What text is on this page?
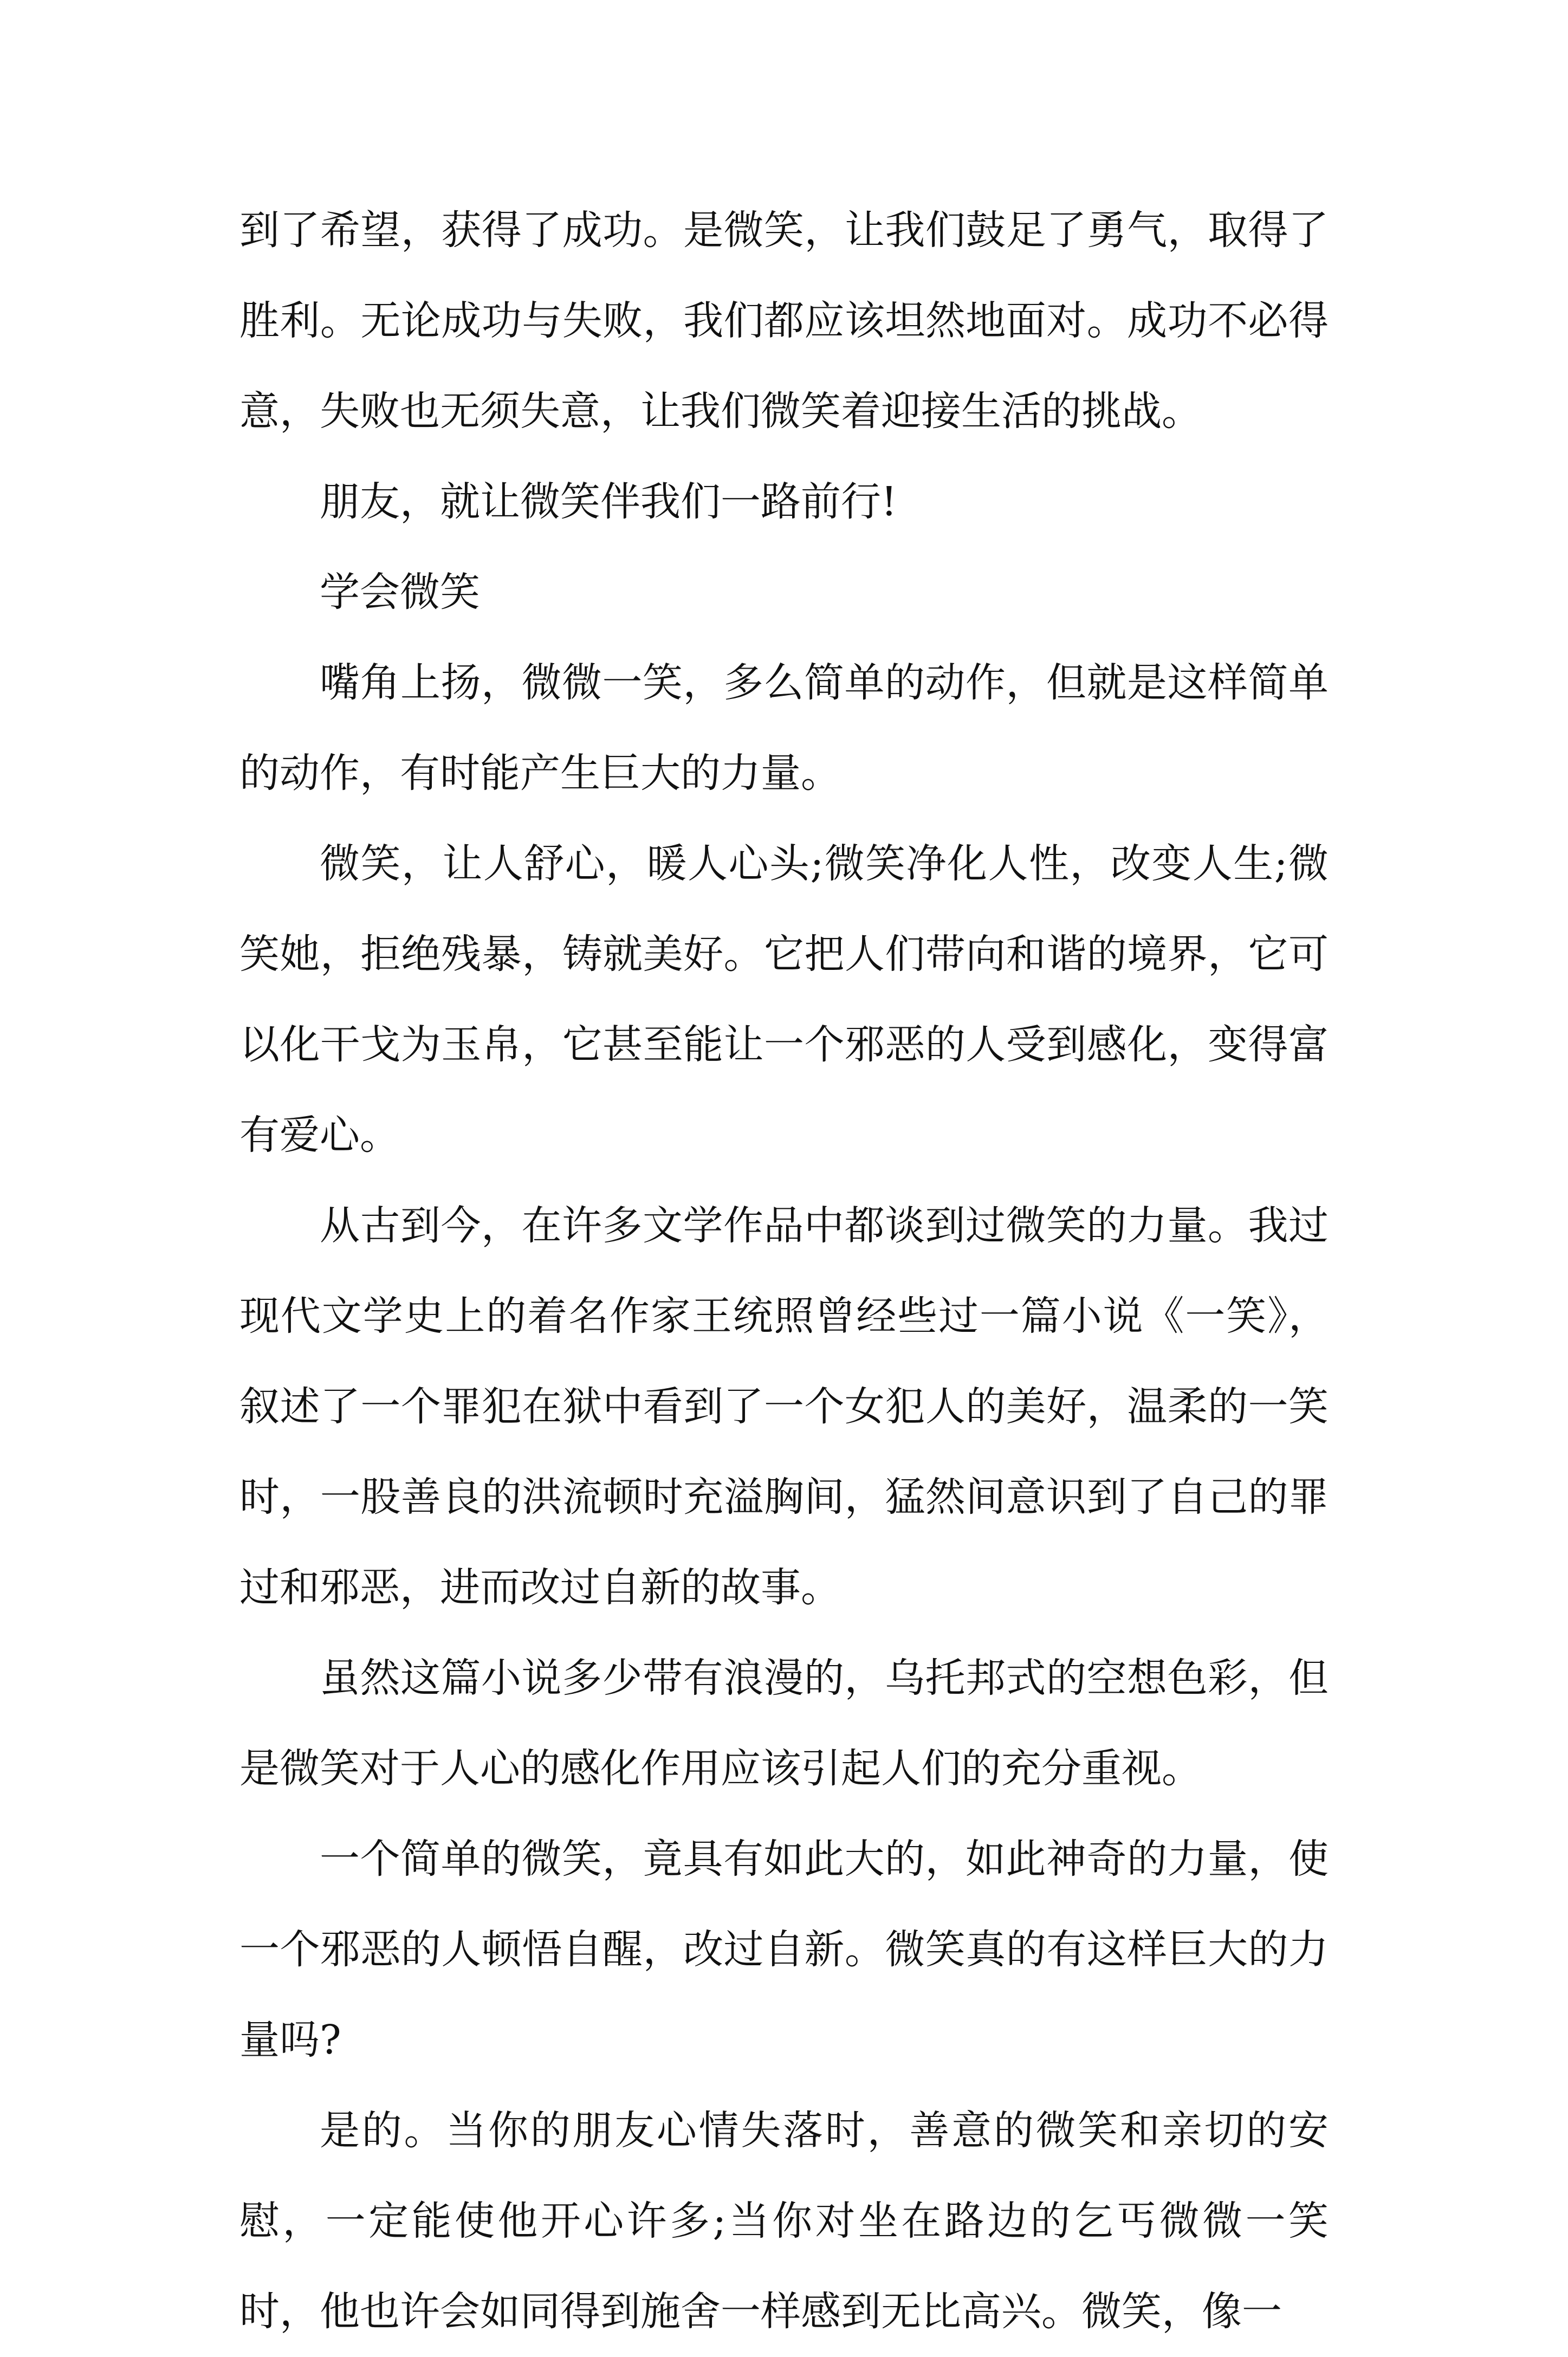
到了希望，获得了成功。是微笑，让我们鼓足了勇气，取得了胜利。无论成功与失败，我们都应该坦然地面对。成功不必得意，失败也无须失意，让我们微笑着迎接生活的挑战。

朋友，就让微笑伴我们一路前行!

学会微笑

嘴角上扬，微微一笑，多么简单的动作，但就是这样简单的动作，有时能产生巨大的力量。

微笑，让人舒心，暖人心头;微笑净化人性，改变人生;微笑她，拒绝残暴，铸就美好。它把人们带向和谐的境界，它可以化干戈为玉帛，它甚至能让一个邪恶的人受到感化，变得富有爱心。

从古到今，在许多文学作品中都谈到过微笑的力量。我过现代文学史上的着名作家王统照曾经些过一篇小说《一笑》，叙述了一个罪犯在狱中看到了一个女犯人的美好，温柔的一笑时，一股善良的洪流顿时充溢胸间，猛然间意识到了自己的罪过和邪恶，进而改过自新的故事。

虽然这篇小说多少带有浪漫的，乌托邦式的空想色彩，但是微笑对于人心的感化作用应该引起人们的充分重视。

一个简单的微笑，竟具有如此大的，如此神奇的力量，使一个邪恶的人顿悟自醒，改过自新。微笑真的有这样巨大的力量吗?

是的。当你的朋友心情失落时，善意的微笑和亲切的安慰，一定能使他开心许多;当你对坐在路边的乞丐微微一笑时，他也许会如同得到施舍一样感到无比高兴。微笑，像一
